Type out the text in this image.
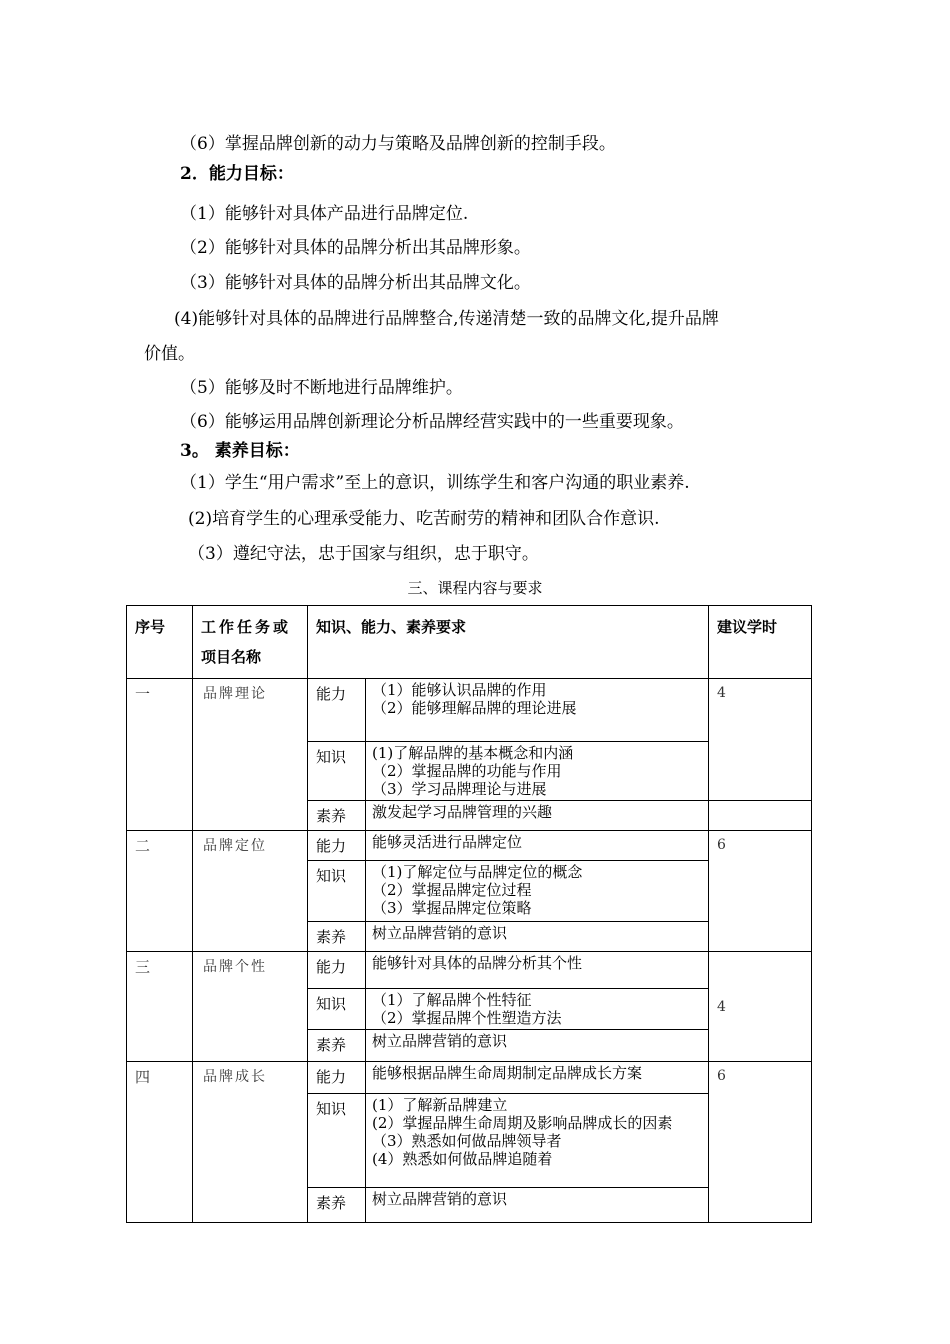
（6）掌握品牌创新的动力与策略及品牌创新的控制手段。
2．能力目标：
（1）能够针对具体产品进行品牌定位.
（2）能够针对具体的品牌分析出其品牌形象。
（3）能够针对具体的品牌分析出其品牌文化。
(4)能够针对具体的品牌进行品牌整合,传递清楚一致的品牌文化,提升品牌
价值。
（5）能够及时不断地进行品牌维护。
（6）能够运用品牌创新理论分析品牌经营实践中的一些重要现象。
3。 素养目标：
（1）学生“用户需求”至上的意识，训练学生和客户沟通的职业素养.
(2)培育学生的心理承受能力、吃苦耐劳的精神和团队合作意识.
（3）遵纪守法，忠于国家与组织，忠于职守。
三、课程内容与要求
序号	工作任务或
项目名称	知识、能力、素养要求		建议学时
一	品牌理论	能力	（1）能够认识品牌的作用
（2）能够理解品牌的理论进展	4
		知识	(1)了解品牌的基本概念和内涵
（2）掌握品牌的功能与作用
（3）学习品牌理论与进展	

		素养	激发起学习品牌管理的兴趣	
二	品牌定位	能力	能够灵活进行品牌定位	6
		知识	（1)了解定位与品牌定位的概念
（2）掌握品牌定位过程
（3）掌握品牌定位策略	

		素养	树立品牌营销的意识	
三	品牌个性	能力	能够针对具体的品牌分析其个性	4
		知识	（1）了解品牌个性特征
（2）掌握品牌个性塑造方法	

		素养	树立品牌营销的意识	
四	品牌成长	能力	能够根据品牌生命周期制定品牌成长方案	6
		知识	(1）了解新品牌建立
(2）掌握品牌生命周期及影响品牌成长的因素
（3）熟悉如何做品牌领导者
(4）熟悉如何做品牌追随着	

		素养	树立品牌营销的意识	
